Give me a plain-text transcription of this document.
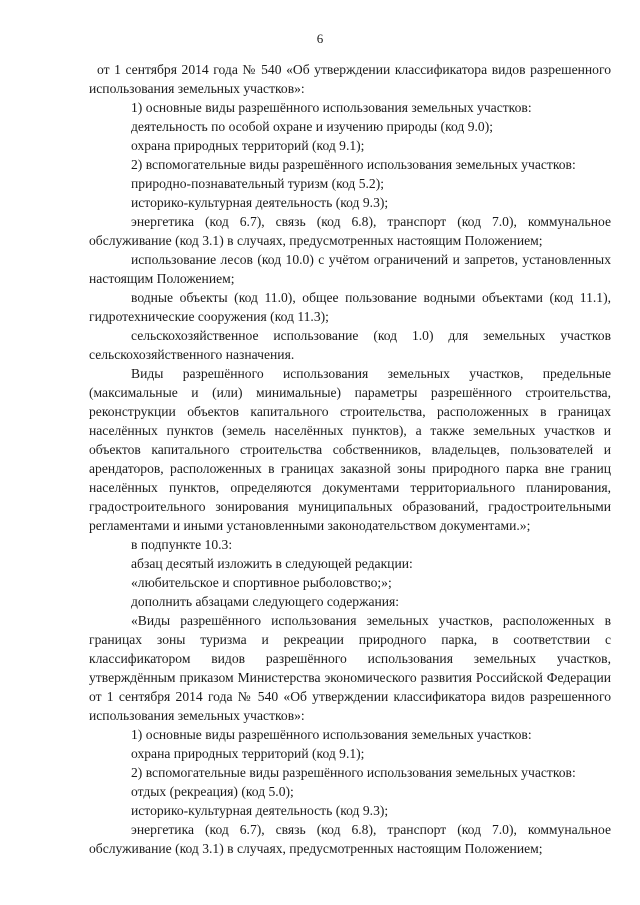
6

от 1 сентября 2014 года № 540 «Об утверждении классификатора видов разрешенного использования земельных участков»:

1) основные виды разрешённого использования земельных участков:

деятельность по особой охране и изучению природы (код 9.0);

охрана природных территорий (код 9.1);

2) вспомогательные виды разрешённого использования земельных участков:

природно-познавательный туризм (код 5.2);

историко-культурная деятельность (код 9.3);

энергетика (код 6.7), связь (код 6.8), транспорт (код 7.0), коммунальное обслуживание (код 3.1) в случаях, предусмотренных настоящим Положением;

использование лесов (код 10.0) с учётом ограничений и запретов, установленных настоящим Положением;

водные объекты (код 11.0), общее пользование водными объектами (код 11.1), гидротехнические сооружения (код 11.3);

сельскохозяйственное использование (код 1.0) для земельных участков сельскохозяйственного назначения.

Виды разрешённого использования земельных участков, предельные (максимальные и (или) минимальные) параметры разрешённого строительства, реконструкции объектов капитального строительства, расположенных в границах населённых пунктов (земель населённых пунктов), а также земельных участков и объектов капитального строительства собственников, владельцев, пользователей и арендаторов, расположенных в границах заказной зоны природного парка вне границ населённых пунктов, определяются документами территориального планирования, градостроительного зонирования муниципальных образований, градостроительными регламентами и иными установленными законодательством документами.»;

в подпункте 10.3:

абзац десятый изложить в следующей редакции:

«любительское и спортивное рыболовство;»;

дополнить абзацами следующего содержания:

«Виды разрешённого использования земельных участков, расположенных в границах зоны туризма и рекреации природного парка, в соответствии с классификатором видов разрешённого использования земельных участков, утверждённым приказом Министерства экономического развития Российской Федерации от 1 сентября 2014 года № 540 «Об утверждении классификатора видов разрешенного использования земельных участков»:

1) основные виды разрешённого использования земельных участков:

охрана природных территорий (код 9.1);

2) вспомогательные виды разрешённого использования земельных участков:

отдых (рекреация) (код 5.0);

историко-культурная деятельность (код 9.3);

энергетика (код 6.7), связь (код 6.8), транспорт (код 7.0), коммунальное обслуживание (код 3.1) в случаях, предусмотренных настоящим Положением;
